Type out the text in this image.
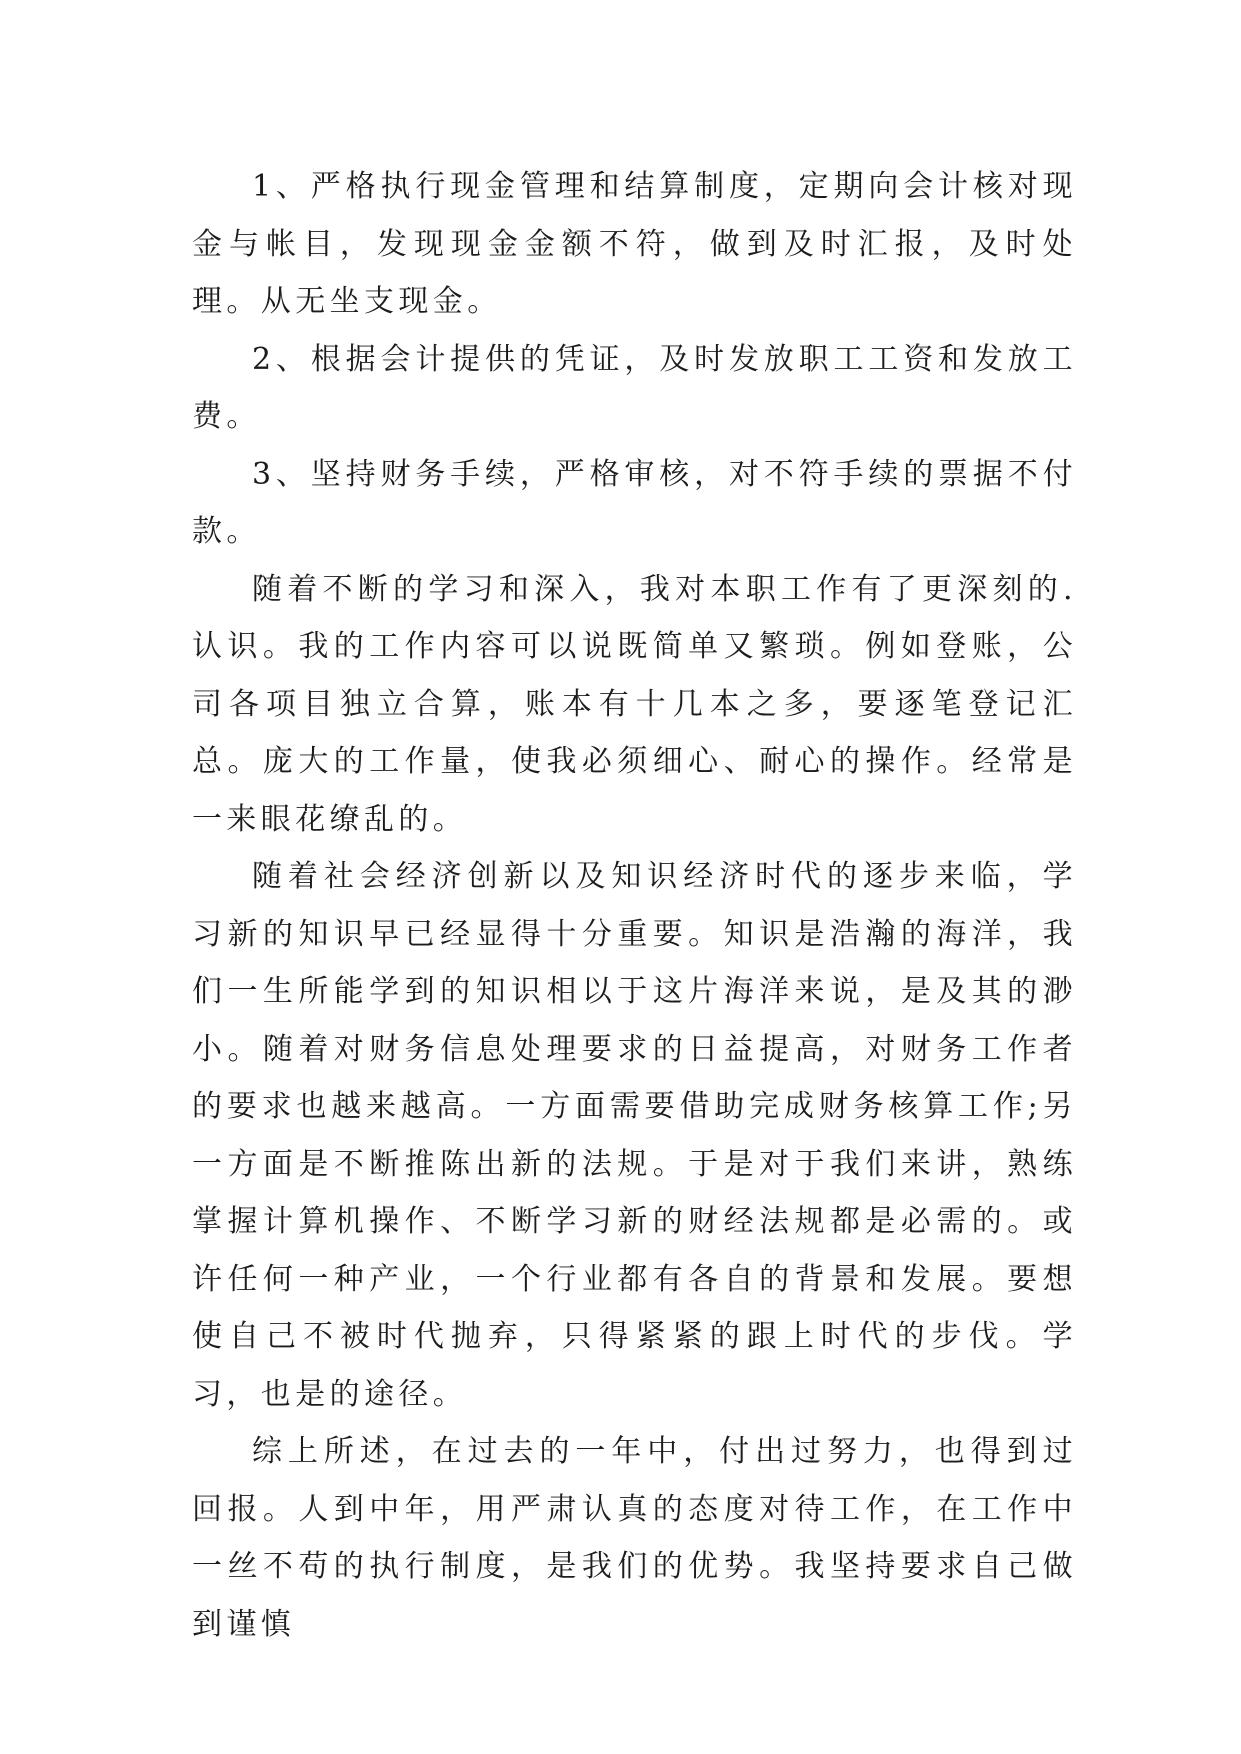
1、严格执行现金管理和结算制度，定期向会计核对现金与帐目，发现现金金额不符，做到及时汇报，及时处理。从无坐支现金。

2、根据会计提供的凭证，及时发放职工工资和发放工费。

3、坚持财务手续，严格审核，对不符手续的票据不付款。

随着不断的学习和深入，我对本职工作有了更深刻的.认识。我的工作内容可以说既简单又繁琐。例如登账，公司各项目独立合算，账本有十几本之多，要逐笔登记汇总。庞大的工作量，使我必须细心、耐心的操作。经常是一来眼花缭乱的。

随着社会经济创新以及知识经济时代的逐步来临，学习新的知识早已经显得十分重要。知识是浩瀚的海洋，我们一生所能学到的知识相以于这片海洋来说，是及其的渺小。随着对财务信息处理要求的日益提高，对财务工作者的要求也越来越高。一方面需要借助完成财务核算工作;另一方面是不断推陈出新的法规。于是对于我们来讲，熟练掌握计算机操作、不断学习新的财经法规都是必需的。或许任何一种产业，一个行业都有各自的背景和发展。要想使自己不被时代抛弃，只得紧紧的跟上时代的步伐。学习，也是的途径。

综上所述，在过去的一年中，付出过努力，也得到过回报。人到中年，用严肃认真的态度对待工作，在工作中一丝不苟的执行制度，是我们的优势。我坚持要求自己做到谨慎
